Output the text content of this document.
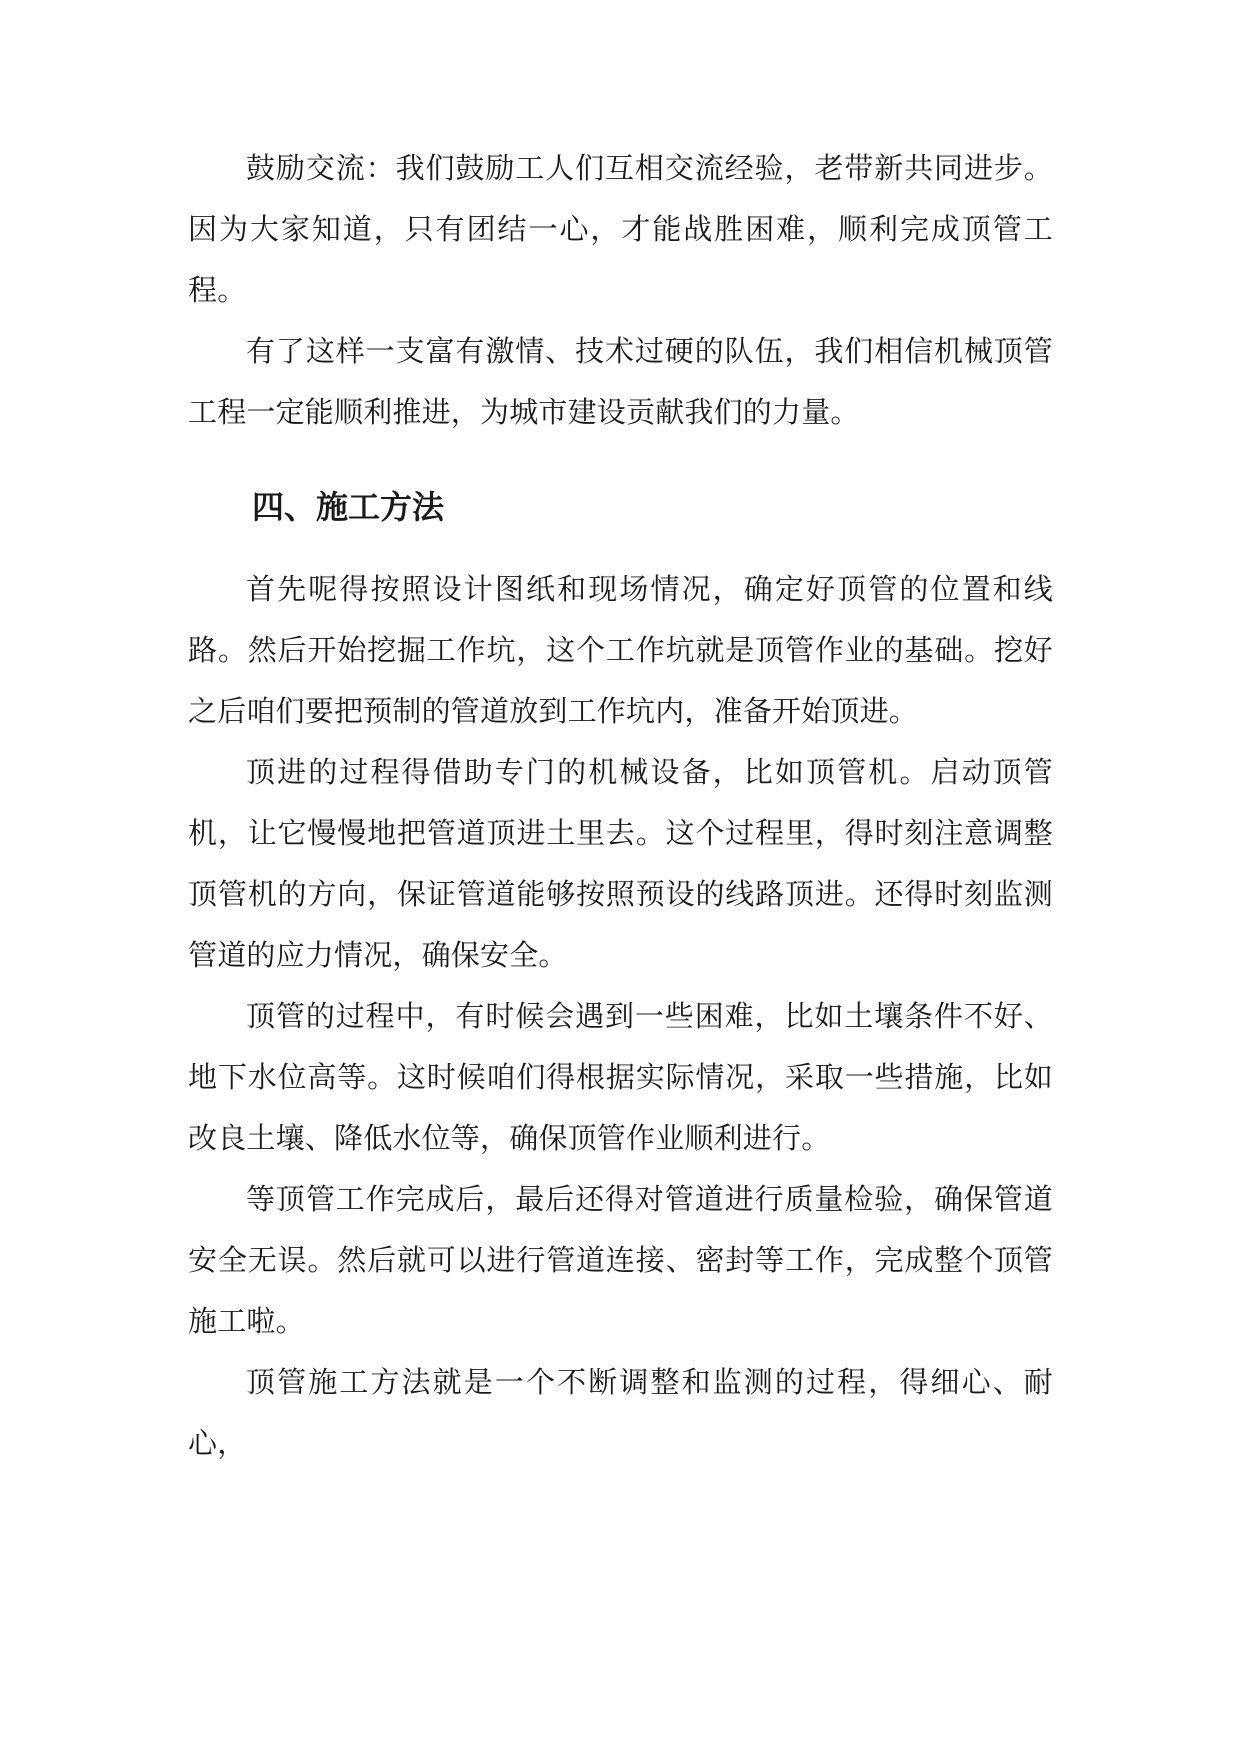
鼓励交流：我们鼓励工人们互相交流经验，老带新共同进步。因为大家知道，只有团结一心，才能战胜困难，顺利完成顶管工程。

有了这样一支富有激情、技术过硬的队伍，我们相信机械顶管工程一定能顺利推进，为城市建设贡献我们的力量。

四、施工方法

首先呢得按照设计图纸和现场情况，确定好顶管的位置和线路。然后开始挖掘工作坑，这个工作坑就是顶管作业的基础。挖好之后咱们要把预制的管道放到工作坑内，准备开始顶进。

顶进的过程得借助专门的机械设备，比如顶管机。启动顶管机，让它慢慢地把管道顶进土里去。这个过程里，得时刻注意调整顶管机的方向，保证管道能够按照预设的线路顶进。还得时刻监测管道的应力情况，确保安全。

顶管的过程中，有时候会遇到一些困难，比如土壤条件不好、地下水位高等。这时候咱们得根据实际情况，采取一些措施，比如改良土壤、降低水位等，确保顶管作业顺利进行。

等顶管工作完成后，最后还得对管道进行质量检验，确保管道安全无误。然后就可以进行管道连接、密封等工作，完成整个顶管施工啦。

顶管施工方法就是一个不断调整和监测的过程，得细心、耐心，
